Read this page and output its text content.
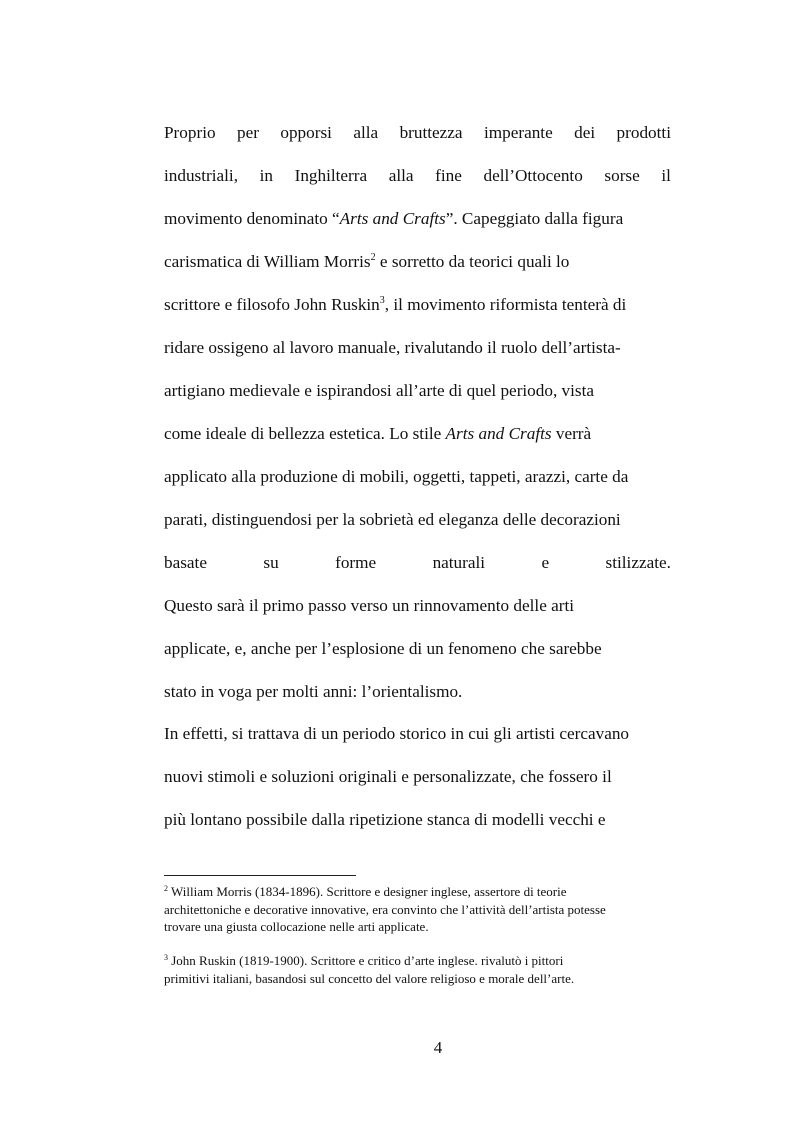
Proprio per opporsi alla bruttezza imperante dei prodotti
industriali, in Inghilterra alla fine dell’Ottocento sorse il
movimento denominato “Arts and Crafts”. Capeggiato dalla figura
carismatica di William Morris$^2$ e sorretto da teorici quali lo
scrittore e filosofo John Ruskin$^3$, il movimento riformista tenterà di
ridare ossigeno al lavoro manuale, rivalutando il ruolo dell’artista-
artigiano medievale e ispirandosi all’arte di quel periodo, vista
come ideale di bellezza estetica. Lo stile Arts and Crafts verrà
applicato alla produzione di mobili, oggetti, tappeti, arazzi, carte da
parati, distinguendosi per la sobrietà ed eleganza delle decorazioni
basate	su	forme	naturali	e	stilizzate.
Questo sarà il primo passo verso un rinnovamento delle arti
applicate, e, anche per l’esplosione di un fenomeno che sarebbe
stato in voga per molti anni: l’orientalismo.
In effetti, si trattava di un periodo storico in cui gli artisti cercavano
nuovi stimoli e soluzioni originali e personalizzate, che fossero il
più lontano possibile dalla ripetizione stanca di modelli vecchi e
$^2$ William Morris (1834-1896). Scrittore e designer inglese, assertore di teorie
architettoniche e decorative innovative, era convinto che l’attività dell’artista potesse
trovare una giusta collocazione nelle arti applicate.
$^3$ John Ruskin (1819-1900). Scrittore e critico d’arte inglese. rivalutò i pittori
primitivi italiani, basandosi sul concetto del valore religioso e morale dell’arte.
4
